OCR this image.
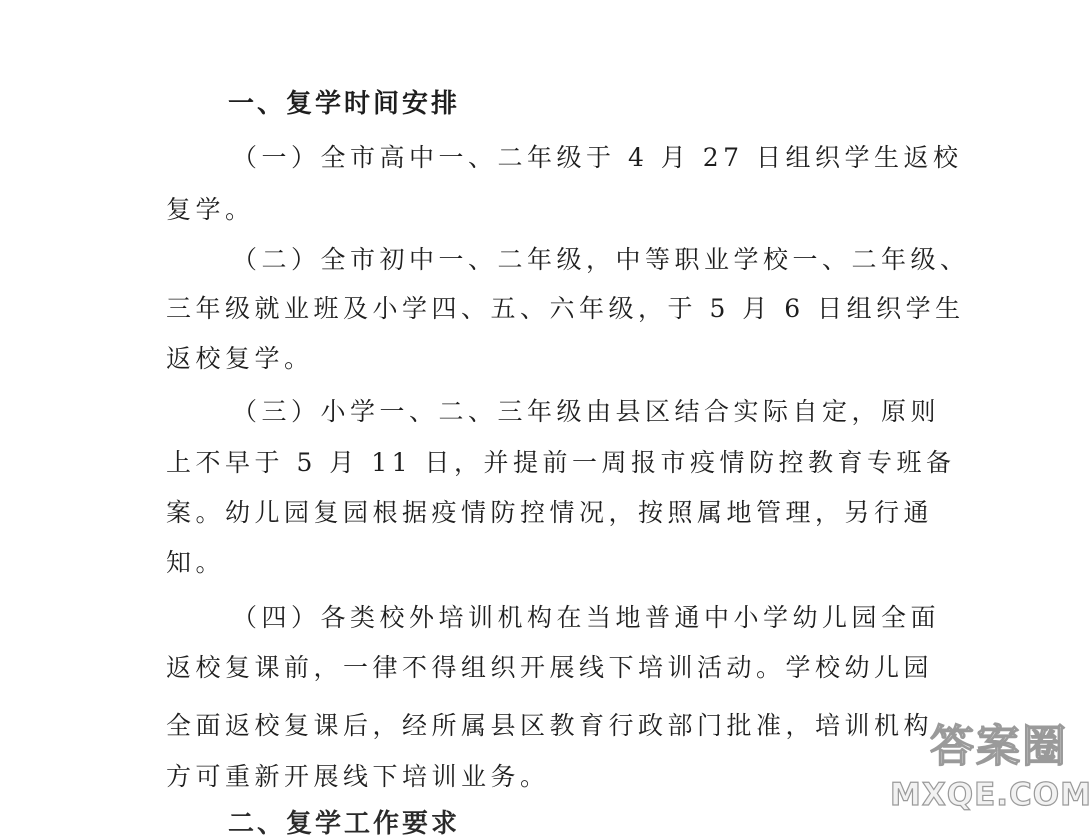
一、复学时间安排
（一）全市高中一、二年级于 4 月 27 日组织学生返校
复学。
（二）全市初中一、二年级，中等职业学校一、二年级、
三年级就业班及小学四、五、六年级，于 5 月 6 日组织学生
返校复学。
（三）小学一、二、三年级由县区结合实际自定，原则
上不早于 5 月 11 日，并提前一周报市疫情防控教育专班备
案。幼儿园复园根据疫情防控情况，按照属地管理，另行通
知。
（四）各类校外培训机构在当地普通中小学幼儿园全面
返校复课前，一律不得组织开展线下培训活动。学校幼儿园
全面返校复课后，经所属县区教育行政部门批准，培训机构
方可重新开展线下培训业务。
二、复学工作要求
答案圈
MXQE.COM
